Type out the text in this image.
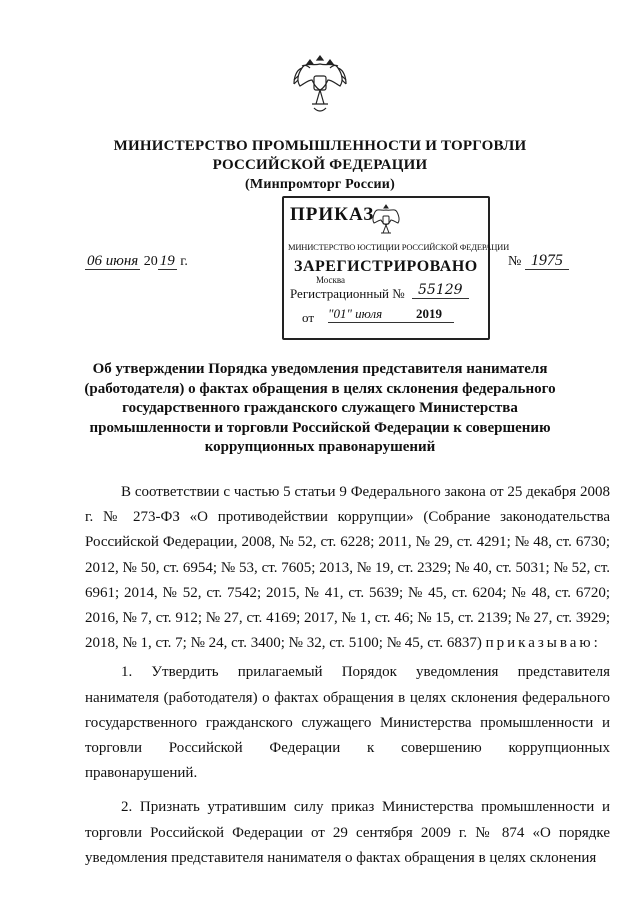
МИНИСТЕРСТВО ПРОМЫШЛЕННОСТИ И ТОРГОВЛИ
РОССИЙСКОЙ ФЕДЕРАЦИИ
(Минпромторг России)
ПРИКАЗ
МИНИСТЕРСТВО ЮСТИЦИИ РОССИЙСКОЙ ФЕДЕРАЦИИ
ЗАРЕГИСТРИРОВАНО
Москва
Регистрационный № 55129
от "01" июля	2019
06 июня 20 19 г.	№ 1975
Об утверждении Порядка уведомления представителя нанимателя (работодателя) о фактах обращения в целях склонения федерального государственного гражданского служащего Министерства промышленности и торговли Российской Федерации к совершению коррупционных правонарушений

В соответствии с частью 5 статьи 9 Федерального закона от 25 декабря 2008 г. № 273-ФЗ «О противодействии коррупции» (Собрание законодательства Российской Федерации, 2008, № 52, ст. 6228; 2011, № 29, ст. 4291; № 48, ст. 6730; 2012, № 50, ст. 6954; № 53, ст. 7605; 2013, № 19, ст. 2329; № 40, ст. 5031; № 52, ст. 6961; 2014, № 52, ст. 7542; 2015, № 41, ст. 5639; № 45, ст. 6204; № 48, ст. 6720; 2016, № 7, ст. 912; № 27, ст. 4169; 2017, № 1, ст. 46; № 15, ст. 2139; № 27, ст. 3929; 2018, № 1, ст. 7; № 24, ст. 3400; № 32, ст. 5100; № 45, ст. 6837) приказываю:

1. Утвердить прилагаемый Порядок уведомления представителя нанимателя (работодателя) о фактах обращения в целях склонения федерального государственного гражданского служащего Министерства промышленности и торговли Российской Федерации к совершению коррупционных правонарушений.

2. Признать утратившим силу приказ Министерства промышленности и торговли Российской Федерации от 29 сентября 2009 г. № 874 «О порядке уведомления представителя нанимателя о фактах обращения в целях склонения
